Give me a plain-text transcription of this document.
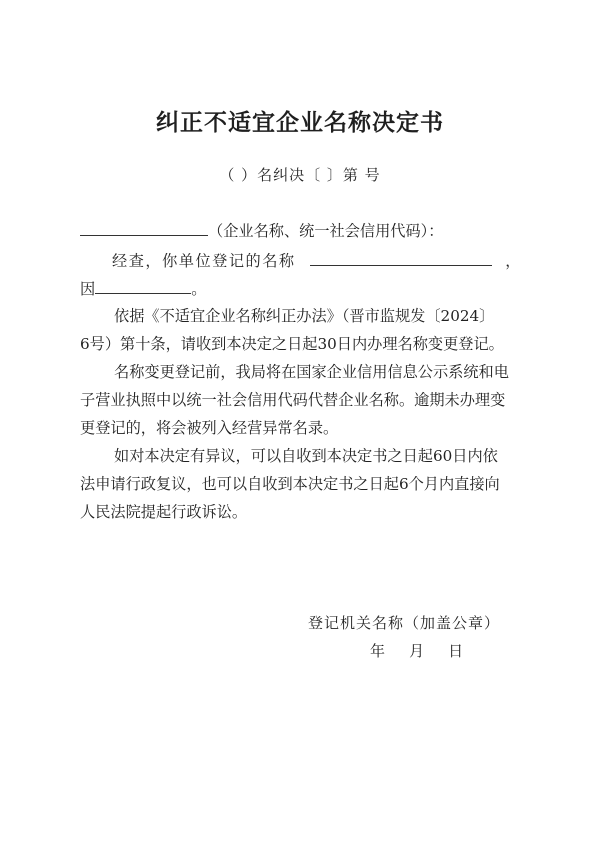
纠正不适宜企业名称决定书
（ ）名纠决〔 〕第 号
（企业名称、统一社会信用代码）：
经查，你单位登记的名称	，
因	。
依据《不适宜企业名称纠正办法》（晋市监规发〔2024〕
6号）第十条，请收到本决定之日起30日内办理名称变更登记。
名称变更登记前，我局将在国家企业信用信息公示系统和电
子营业执照中以统一社会信用代码代替企业名称。逾期未办理变
更登记的，将会被列入经营异常名录。
如对本决定有异议，可以自收到本决定书之日起60日内依
法申请行政复议，也可以自收到本决定书之日起6个月内直接向
人民法院提起行政诉讼。
登记机关名称（加盖公章）
年    月    日
